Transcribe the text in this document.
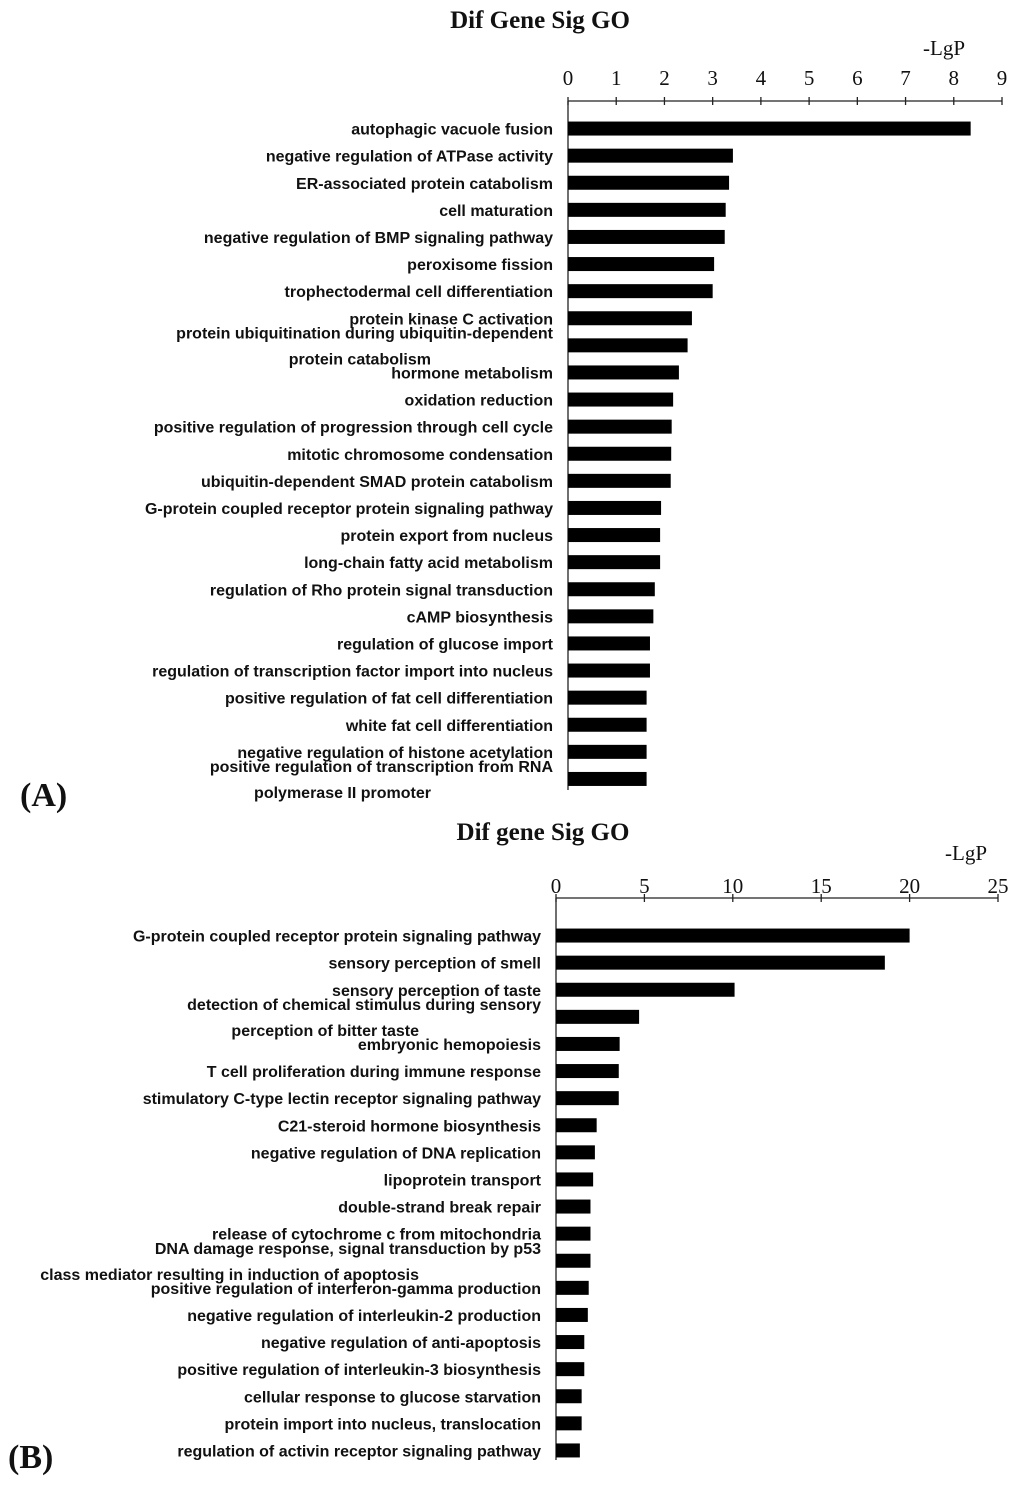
Dif Gene Sig GO
-LgP
(A)
0 1 2 3 4 5 6 7 8 9
autophagic vacuole fusion
negative regulation of ATPase activity
ER-associated protein catabolism
cell maturation
negative regulation of BMP signaling pathway
peroxisome fission
trophectodermal cell differentiation
protein kinase C activation
protein ubiquitination during ubiquitin-dependent protein catabolism
hormone metabolism
oxidation reduction
positive regulation of progression through cell cycle
mitotic chromosome condensation
ubiquitin-dependent SMAD protein catabolism
G-protein coupled receptor protein signaling pathway
protein export from nucleus
long-chain fatty acid metabolism
regulation of Rho protein signal transduction
cAMP biosynthesis
regulation of glucose import
regulation of transcription factor import into nucleus
positive regulation of fat cell differentiation
white fat cell differentiation
negative regulation of histone acetylation
positive regulation of transcription from RNA polymerase II promoter
Dif gene Sig GO
-LgP
(B)
0	5	10	15	20	25
G-protein coupled receptor protein signaling pathway
sensory perception of smell
sensory perception of taste
detection of chemical stimulus during sensory perception of bitter taste
embryonic hemopoiesis
T cell proliferation during immune response
stimulatory C-type lectin receptor signaling pathway
C21-steroid hormone biosynthesis
negative regulation of DNA replication
lipoprotein transport
double-strand break repair
release of cytochrome c from mitochondria
DNA damage response, signal transduction by p53 class mediator resulting in induction of apoptosis
positive regulation of interferon-gamma production
negative regulation of interleukin-2 production
negative regulation of anti-apoptosis
positive regulation of interleukin-3 biosynthesis
cellular response to glucose starvation
protein import into nucleus, translocation
regulation of activin receptor signaling pathway
